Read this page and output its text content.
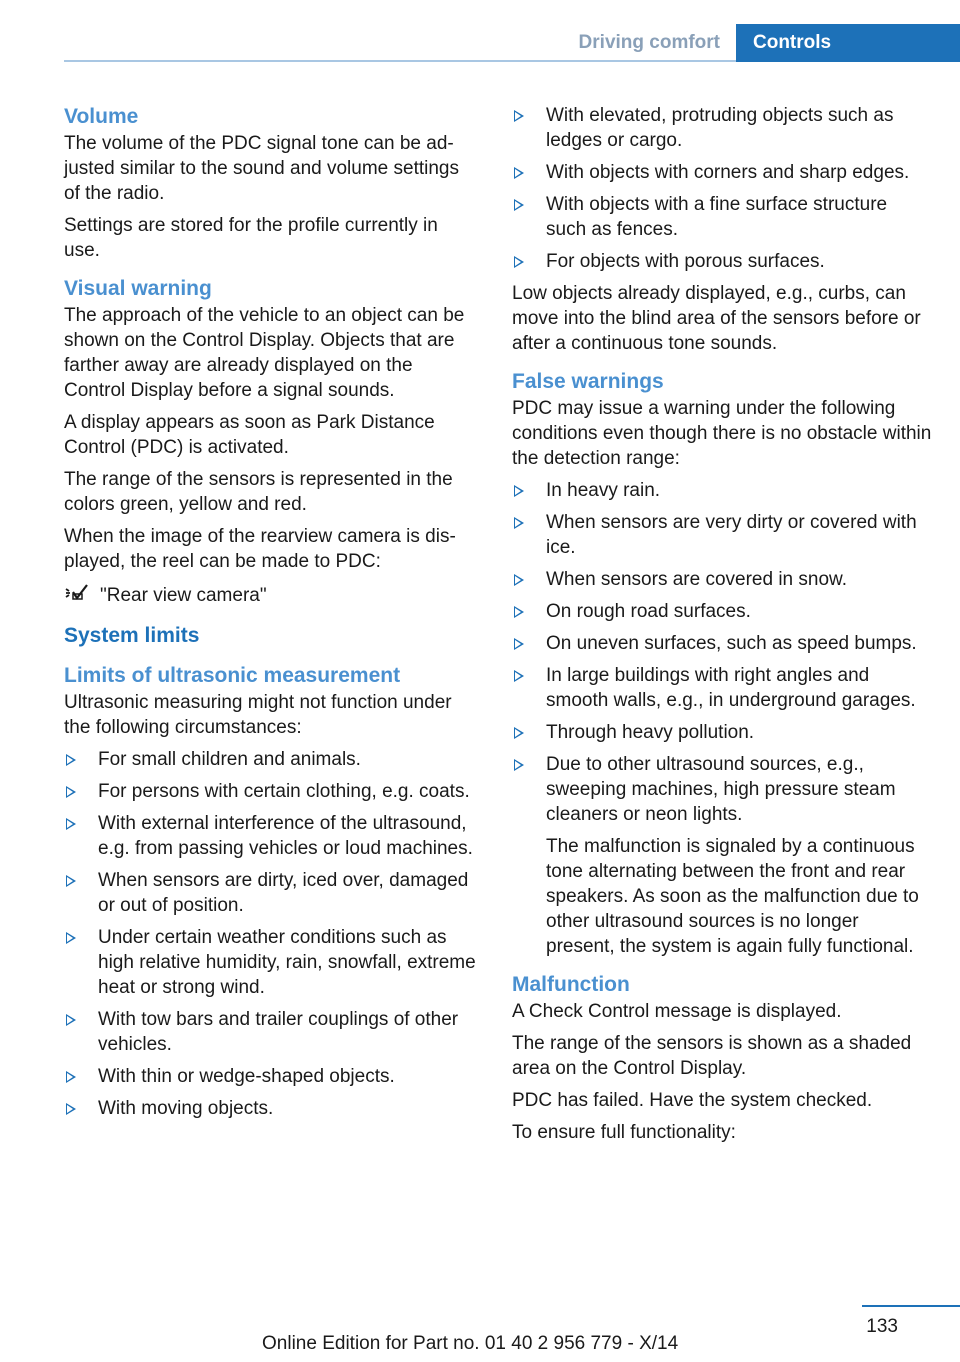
Driving comfort	Controls
Volume

The volume of the PDC signal tone can be adjusted similar to the sound and volume settings of the radio.

Settings are stored for the profile currently in use.

Visual warning

The approach of the vehicle to an object can be shown on the Control Display. Objects that are farther away are already displayed on the Control Display before a signal sounds.

A display appears as soon as Park Distance Control (PDC) is activated.

The range of the sensors is represented in the colors green, yellow and red.

When the image of the rearview camera is displayed, the reel can be made to PDC:

"Rear view camera"
System limits
Limits of ultrasonic measurement

Ultrasonic measuring might not function under the following circumstances:

For small children and animals.
For persons with certain clothing, e.g. coats.
With external interference of the ultrasound, e.g. from passing vehicles or loud machines.
When sensors are dirty, iced over, damaged or out of position.
Under certain weather conditions such as high relative humidity, rain, snowfall, extreme heat or strong wind.
With tow bars and trailer couplings of other vehicles.
With thin or wedge-shaped objects.
With moving objects.
With elevated, protruding objects such as ledges or cargo.
With objects with corners and sharp edges.
With objects with a fine surface structure such as fences.
For objects with porous surfaces.

Low objects already displayed, e.g., curbs, can move into the blind area of the sensors before or after a continuous tone sounds.

False warnings

PDC may issue a warning under the following conditions even though there is no obstacle within the detection range:

In heavy rain.
When sensors are very dirty or covered with ice.
When sensors are covered in snow.
On rough road surfaces.
On uneven surfaces, such as speed bumps.
In large buildings with right angles and smooth walls, e.g., in underground garages.
Through heavy pollution.
Due to other ultrasound sources, e.g., sweeping machines, high pressure steam cleaners or neon lights.

The malfunction is signaled by a continuous tone alternating between the front and rear speakers. As soon as the malfunction due to other ultrasound sources is no longer present, the system is again fully functional.

Malfunction

A Check Control message is displayed.

The range of the sensors is shown as a shaded area on the Control Display.

PDC has failed. Have the system checked.

To ensure full functionality:

133
Online Edition for Part no. 01 40 2 956 779 - X/14
